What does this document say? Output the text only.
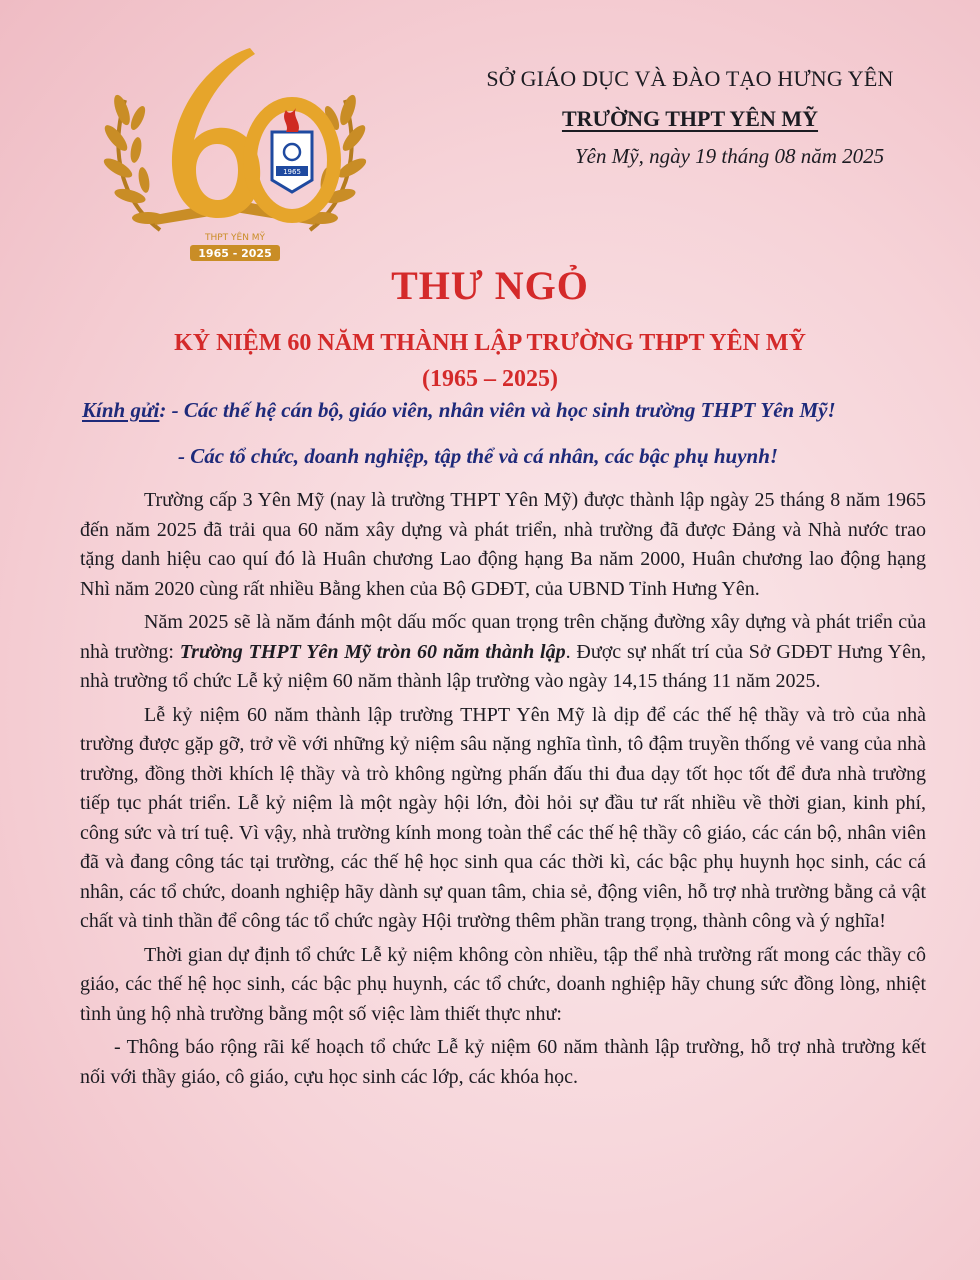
1965
THPT YÊN MỸ
1965 - 2025
SỞ GIÁO DỤC VÀ ĐÀO TẠO HƯNG YÊN
TRƯỜNG THPT YÊN MỸ
Yên Mỹ, ngày 19 tháng 08 năm 2025
THƯ NGỎ
KỶ NIỆM 60 NĂM THÀNH LẬP TRƯỜNG THPT YÊN MỸ
(1965 – 2025)
Kính gửi: - Các thế hệ cán bộ, giáo viên, nhân viên và học sinh trường THPT Yên Mỹ!
- Các tổ chức, doanh nghiệp, tập thể và cá nhân, các bậc phụ huynh!

Trường cấp 3 Yên Mỹ (nay là trường THPT Yên Mỹ) được thành lập ngày 25 tháng 8 năm 1965 đến năm 2025 đã trải qua 60 năm xây dựng và phát triển, nhà trường đã được Đảng và Nhà nước trao tặng danh hiệu cao quí đó là Huân chương Lao động hạng Ba năm 2000, Huân chương lao động hạng Nhì năm 2020 cùng rất nhiều Bằng khen của Bộ GDĐT, của UBND Tỉnh Hưng Yên.

Năm 2025 sẽ là năm đánh một dấu mốc quan trọng trên chặng đường xây dựng và phát triển của nhà trường: Trường THPT Yên Mỹ tròn 60 năm thành lập. Được sự nhất trí của Sở GDĐT Hưng Yên, nhà trường tổ chức Lễ kỷ niệm 60 năm thành lập trường vào ngày 14,15 tháng 11 năm 2025.

Lễ kỷ niệm 60 năm thành lập trường THPT Yên Mỹ là dịp để các thế hệ thầy và trò của nhà trường được gặp gỡ, trở về với những kỷ niệm sâu nặng nghĩa tình, tô đậm truyền thống vẻ vang của nhà trường, đồng thời khích lệ thầy và trò không ngừng phấn đấu thi đua dạy tốt học tốt để đưa nhà trường tiếp tục phát triển. Lễ kỷ niệm là một ngày hội lớn, đòi hỏi sự đầu tư rất nhiều về thời gian, kinh phí, công sức và trí tuệ. Vì vậy, nhà trường kính mong toàn thể các thế hệ thầy cô giáo, các cán bộ, nhân viên đã và đang công tác tại trường, các thế hệ học sinh qua các thời kì, các bậc phụ huynh học sinh, các cá nhân, các tổ chức, doanh nghiệp hãy dành sự quan tâm, chia sẻ, động viên, hỗ trợ nhà trường bằng cả vật chất và tinh thần để công tác tổ chức ngày Hội trường thêm phần trang trọng, thành công và ý nghĩa!

Thời gian dự định tổ chức Lễ kỷ niệm không còn nhiều, tập thể nhà trường rất mong các thầy cô giáo, các thế hệ học sinh, các bậc phụ huynh, các tổ chức, doanh nghiệp hãy chung sức đồng lòng, nhiệt tình ủng hộ nhà trường bằng một số việc làm thiết thực như:

- Thông báo rộng rãi kế hoạch tổ chức Lễ kỷ niệm 60 năm thành lập trường, hỗ trợ nhà trường kết nối với thầy giáo, cô giáo, cựu học sinh các lớp, các khóa học.
